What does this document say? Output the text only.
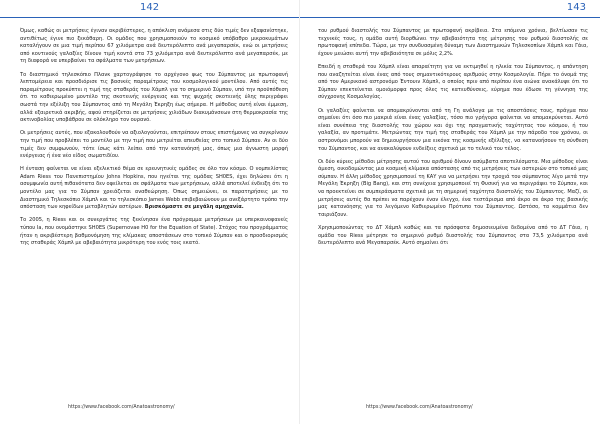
142

Όμως, καθώς οι μετρήσεις έγιναν ακριβέστερες, η απόκλιση ανάμεσα στις δύο τιμές δεν εξαφανίστηκε, αντιθέτως έγινε πιο ξεκάθαρη. Οι ομάδες που χρησιμοποιούν το κοσμικό υπόβαθρο μικροκυμάτων καταλήγουν σε μια τιμή περίπου 67 χιλιόμετρα ανά δευτερόλεπτο ανά μεγαπαρσέκ, ενώ οι μετρήσεις από κοντινούς γαλαξίες δίνουν τιμή κοντά στα 73 χιλιόμετρα ανά δευτερόλεπτο ανά μεγαπαρσέκ, με τη διαφορά να υπερβαίνει τα σφάλματα των μετρήσεων.

Το διαστημικό τηλεσκόπιο Πλανκ χαρτογράφησε το αρχέγονο φως του Σύμπαντος με πρωτοφανή λεπτομέρεια και προσδιόρισε τις βασικές παραμέτρους του κοσμολογικού μοντέλου. Από αυτές τις παραμέτρους προκύπτει η τιμή της σταθεράς του Χάμπλ για το σημερινό Σύμπαν, υπό την προϋπόθεση ότι το καθιερωμένο μοντέλο της σκοτεινής ενέργειας και της ψυχρής σκοτεινής ύλης περιγράφει σωστά την εξέλιξη του Σύμπαντος από τη Μεγάλη Έκρηξη έως σήμερα. Η μέθοδος αυτή είναι έμμεση, αλλά εξαιρετικά ακριβής, αφού στηρίζεται σε μετρήσεις χιλιάδων διακυμάνσεων στη θερμοκρασία της ακτινοβολίας υποβάθρου σε ολόκληρο τον ουρανό.

Οι μετρήσεις αυτές, που εξακολουθούν να αξιολογούνται, επιτρέπουν στους επιστήμονες να συγκρίνουν την τιμή που προβλέπει το μοντέλο με την τιμή που μετριέται απευθείας στο τοπικό Σύμπαν. Αν οι δύο τιμές δεν συμφωνούν, τότε ίσως κάτι λείπει από την κατανόησή μας, όπως μια άγνωστη μορφή ενέργειας ή ένα νέο είδος σωματιδίου.

Η ένταση φαίνεται να είναι εξελικτικό θέμα σε ερευνητικές ομάδες σε όλο τον κόσμο. Ο νομπελίστας Adam Riess του Πανεπιστημίου Johns Hopkins, που ηγείται της ομάδας SH0ES, έχει δηλώσει ότι η ασυμφωνία αυτή πιθανότατα δεν οφείλεται σε σφάλματα των μετρήσεων, αλλά αποτελεί ένδειξη ότι το μοντέλο μας για το Σύμπαν χρειάζεται αναθεώρηση. Όπως σημειώνει, οι παρατηρήσεις με το Διαστημικό Τηλεσκόπιο Χάμπλ και το τηλεσκόπιο James Webb επιβεβαιώνουν με ανεξάρτητο τρόπο την απόσταση των κηφείδων μεταβλητών αστέρων. Βρισκόμαστε σε μεγάλη αμηχανία.

Το 2005, η Riess και οι συνεργάτες της ξεκίνησαν ένα πρόγραμμα μετρήσεων με υπερκαινοφανείς τύπου Ia, που ονομάστηκε SH0ES (Supernovae H0 for the Equation of State). Στόχος του προγράμματος ήταν η ακριβέστερη βαθμονόμηση της κλίμακας αποστάσεων στο τοπικό Σύμπαν και ο προσδιορισμός της σταθεράς Χάμπλ με αβεβαιότητα μικρότερη του ενός τοις εκατό.

https://www.facebook.com/Anatoastronomy/
143

του ρυθμού διαστολής του Σύμπαντος με πρωτοφανή ακρίβεια. Στα επόμενα χρόνια, βελτίωσαν τις τεχνικές τους, η ομάδα αυτή διορθώνει την αβεβαιότητα της μέτρησης του ρυθμού διαστολής σε πρωτοφανή επίπεδα. Τώρα, με την συνδυασμένη δύναμη των Διαστημικών Τηλεσκοπίων Χάμπλ και Γάια, έχουν μειώσει αυτή την αβεβαιότητα σε μόλις 2,2%.

Επειδή η σταθερά του Χάμπλ είναι απαραίτητη για να εκτιμηθεί η ηλικία του Σύμπαντος, η απάντηση που αναζητείται είναι ένας από τους σημαντικότερους αριθμούς στην Κοσμολογία. Πήρε το όνομά της από τον Αμερικανό αστρονόμο Έντουιν Χάμπλ, ο οποίος πριν από περίπου ένα αιώνα ανακάλυψε ότι το Σύμπαν επεκτείνεται ομοιόμορφα προς όλες τις κατευθύνσεις, εύρημα που έδωσε τη γέννηση της σύγχρονης Κοσμολογίας.

Οι γαλαξίες φαίνεται να απομακρύνονται από τη Γη ανάλογα με τις αποστάσεις τους, πράγμα που σημαίνει ότι όσο πιο μακριά είναι ένας γαλαξίας, τόσο πιο γρήγορα φαίνεται να απομακρύνεται. Αυτό είναι συνέπεια της διαστολής του χώρου και όχι της πραγματικής ταχύτητας του κόσμου, ή του γαλαξία, αν προτιμάτε. Μετρώντας την τιμή της σταθεράς του Χάμπλ με την πάροδο του χρόνου, οι αστρονόμοι μπορούν να δημιουργήσουν μια εικόνα της κοσμικής εξέλιξης, να κατανοήσουν τη σύνθεση του Σύμπαντος, και να ανακαλύψουν ενδείξεις σχετικά με το τελικό του τέλος.

Οι δύο κύριες μέθοδοι μέτρησης αυτού του αριθμού δίνουν ασύμβατα αποτελέσματα. Μια μέθοδος είναι άμεση, οικοδομώντας μια κοσμική κλίμακα απόστασης από τις μετρήσεις των αστεριών στο τοπικό μας σύμπαν. Η άλλη μέθοδος χρησιμοποιεί τη ΚΑΥ για να μετρήσει την τροχιά του σύμπαντος λίγο μετά την Μεγάλη Έκρηξη (Big Bang), και στη συνέχεια χρησιμοποιεί τη Φυσική για να περιγράψει το Σύμπαν, και να προεκτείνει σε συμπεράσματα σχετικά με τη σημερινή ταχύτητα διαστολής του Σύμπαντος. Μαζί, οι μετρήσεις αυτές θα πρέπει να παρέχουν έναν έλεγχο, ένα τεστάρισμα από άκρο σε άκρο της βασικής μας κατανόησης για το λεγόμενο Καθιερωμένο Πρότυπο του Σύμπαντος. Ωστόσο, τα κομμάτια δεν ταιριάζουν.

Χρησιμοποιώντας το ΔΤ Χάμπλ καθώς και τα πρόσφατα δημοσιευμένα δεδομένα από το ΔΤ Γάια, η ομάδα του Riess μέτρησε το σημερινό ρυθμό διαστολής του Σύμπαντος στα 73,5 χιλιόμετρα ανά δευτερόλεπτο ανά Μεγαπαρσέκ. Αυτό σημαίνει ότι

https://www.facebook.com/Anatoastronomy/
